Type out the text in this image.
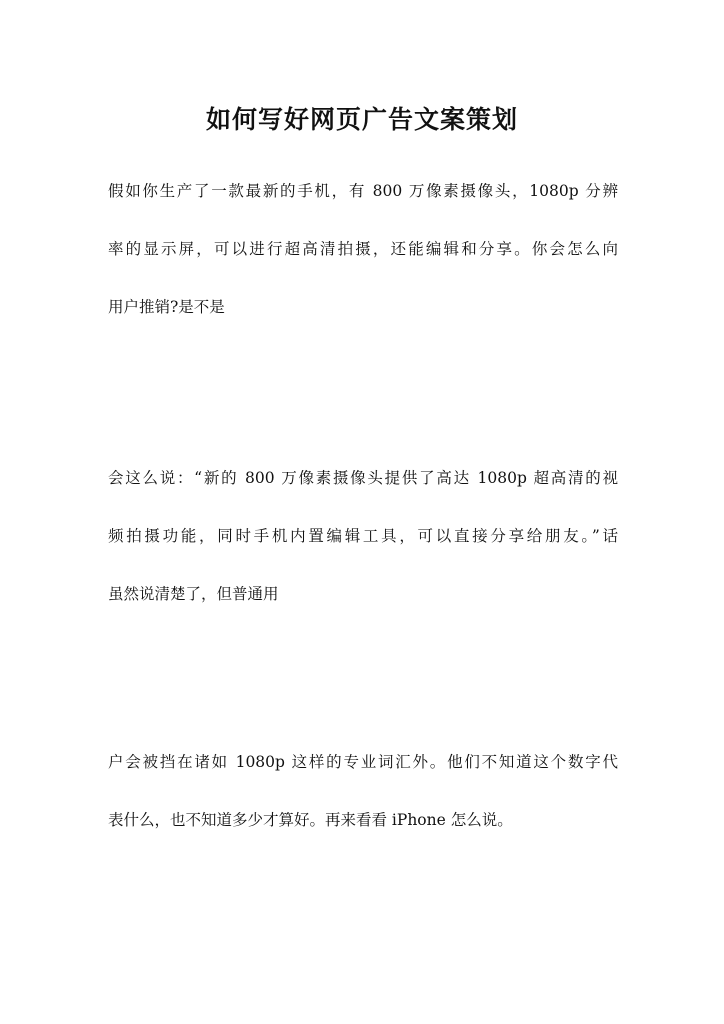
如何写好网页广告文案策划

假如你生产了一款最新的手机，有 800 万像素摄像头，1080p 分辨

率的显示屏，可以进行超高清拍摄，还能编辑和分享。你会怎么向

用户推销?是不是

会这么说：“新的 800 万像素摄像头提供了高达 1080p 超高清的视

频拍摄功能，同时手机内置编辑工具，可以直接分享给朋友。”话

虽然说清楚了，但普通用

户会被挡在诸如 1080p 这样的专业词汇外。他们不知道这个数字代

表什么，也不知道多少才算好。再来看看 iPhone 怎么说。
